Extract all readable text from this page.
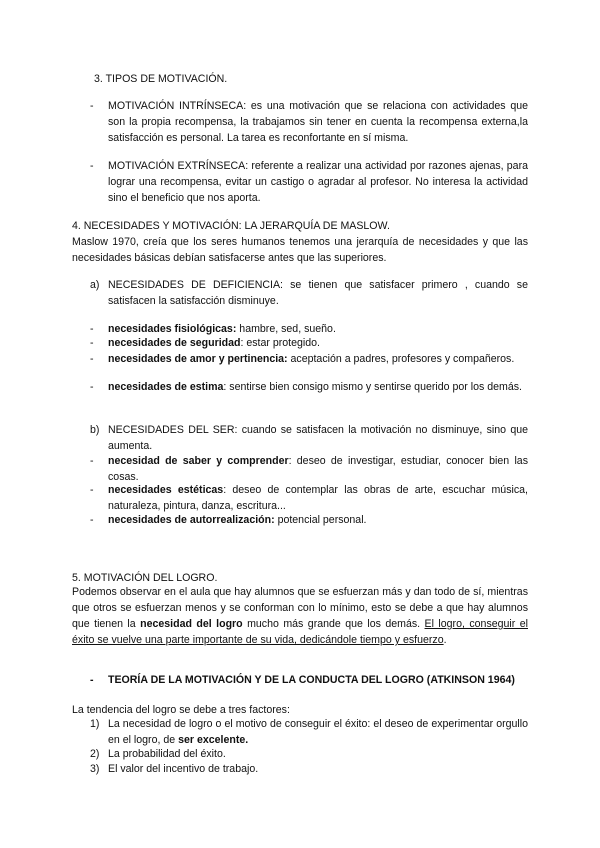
3. TIPOS DE MOTIVACIÓN.
- MOTIVACIÓN INTRÍNSECA: es una motivación que se relaciona con actividades que son la propia recompensa, la trabajamos sin tener en cuenta la recompensa externa,la satisfacción es personal. La tarea es reconfortante en sí misma.
- MOTIVACIÓN EXTRÍNSECA: referente a realizar una actividad por razones ajenas, para lograr una recompensa, evitar un castigo o agradar al profesor. No interesa la actividad sino el beneficio que nos aporta.
4. NECESIDADES Y MOTIVACIÓN: LA JERARQUÍA DE MASLOW.
Maslow 1970, creía que los seres humanos tenemos una jerarquía de necesidades y que las necesidades básicas debían satisfacerse antes que las superiores.
a) NECESIDADES DE DEFICIENCIA: se tienen que satisfacer primero , cuando se satisfacen la satisfacción disminuye.
- necesidades fisiológicas: hambre, sed, sueño.
- necesidades de seguridad: estar protegido.
- necesidades de amor y pertinencia: aceptación a padres, profesores y compañeros.
- necesidades de estima: sentirse bien consigo mismo y sentirse querido por los demás.
b) NECESIDADES DEL SER: cuando se satisfacen la motivación no disminuye, sino que aumenta.
- necesidad de saber y comprender: deseo de investigar, estudiar, conocer bien las cosas.
- necesidades estéticas: deseo de contemplar las obras de arte, escuchar música, naturaleza, pintura, danza, escritura...
- necesidades de autorrealización: potencial personal.
5. MOTIVACIÓN DEL LOGRO.
Podemos observar en el aula que hay alumnos que se esfuerzan más y dan todo de sí, mientras que otros se esfuerzan menos y se conforman con lo mínimo, esto se debe a que hay alumnos que tienen la necesidad del logro mucho más grande que los demás. El logro, conseguir el éxito se vuelve una parte importante de su vida, dedicándole tiempo y esfuerzo.
- TEORÍA DE LA MOTIVACIÓN Y DE LA CONDUCTA DEL LOGRO (ATKINSON 1964)
La tendencia del logro se debe a tres factores:
1) La necesidad de logro o el motivo de conseguir el éxito: el deseo de experimentar orgullo en el logro, de ser excelente.
2) La probabilidad del éxito.
3) El valor del incentivo de trabajo.
